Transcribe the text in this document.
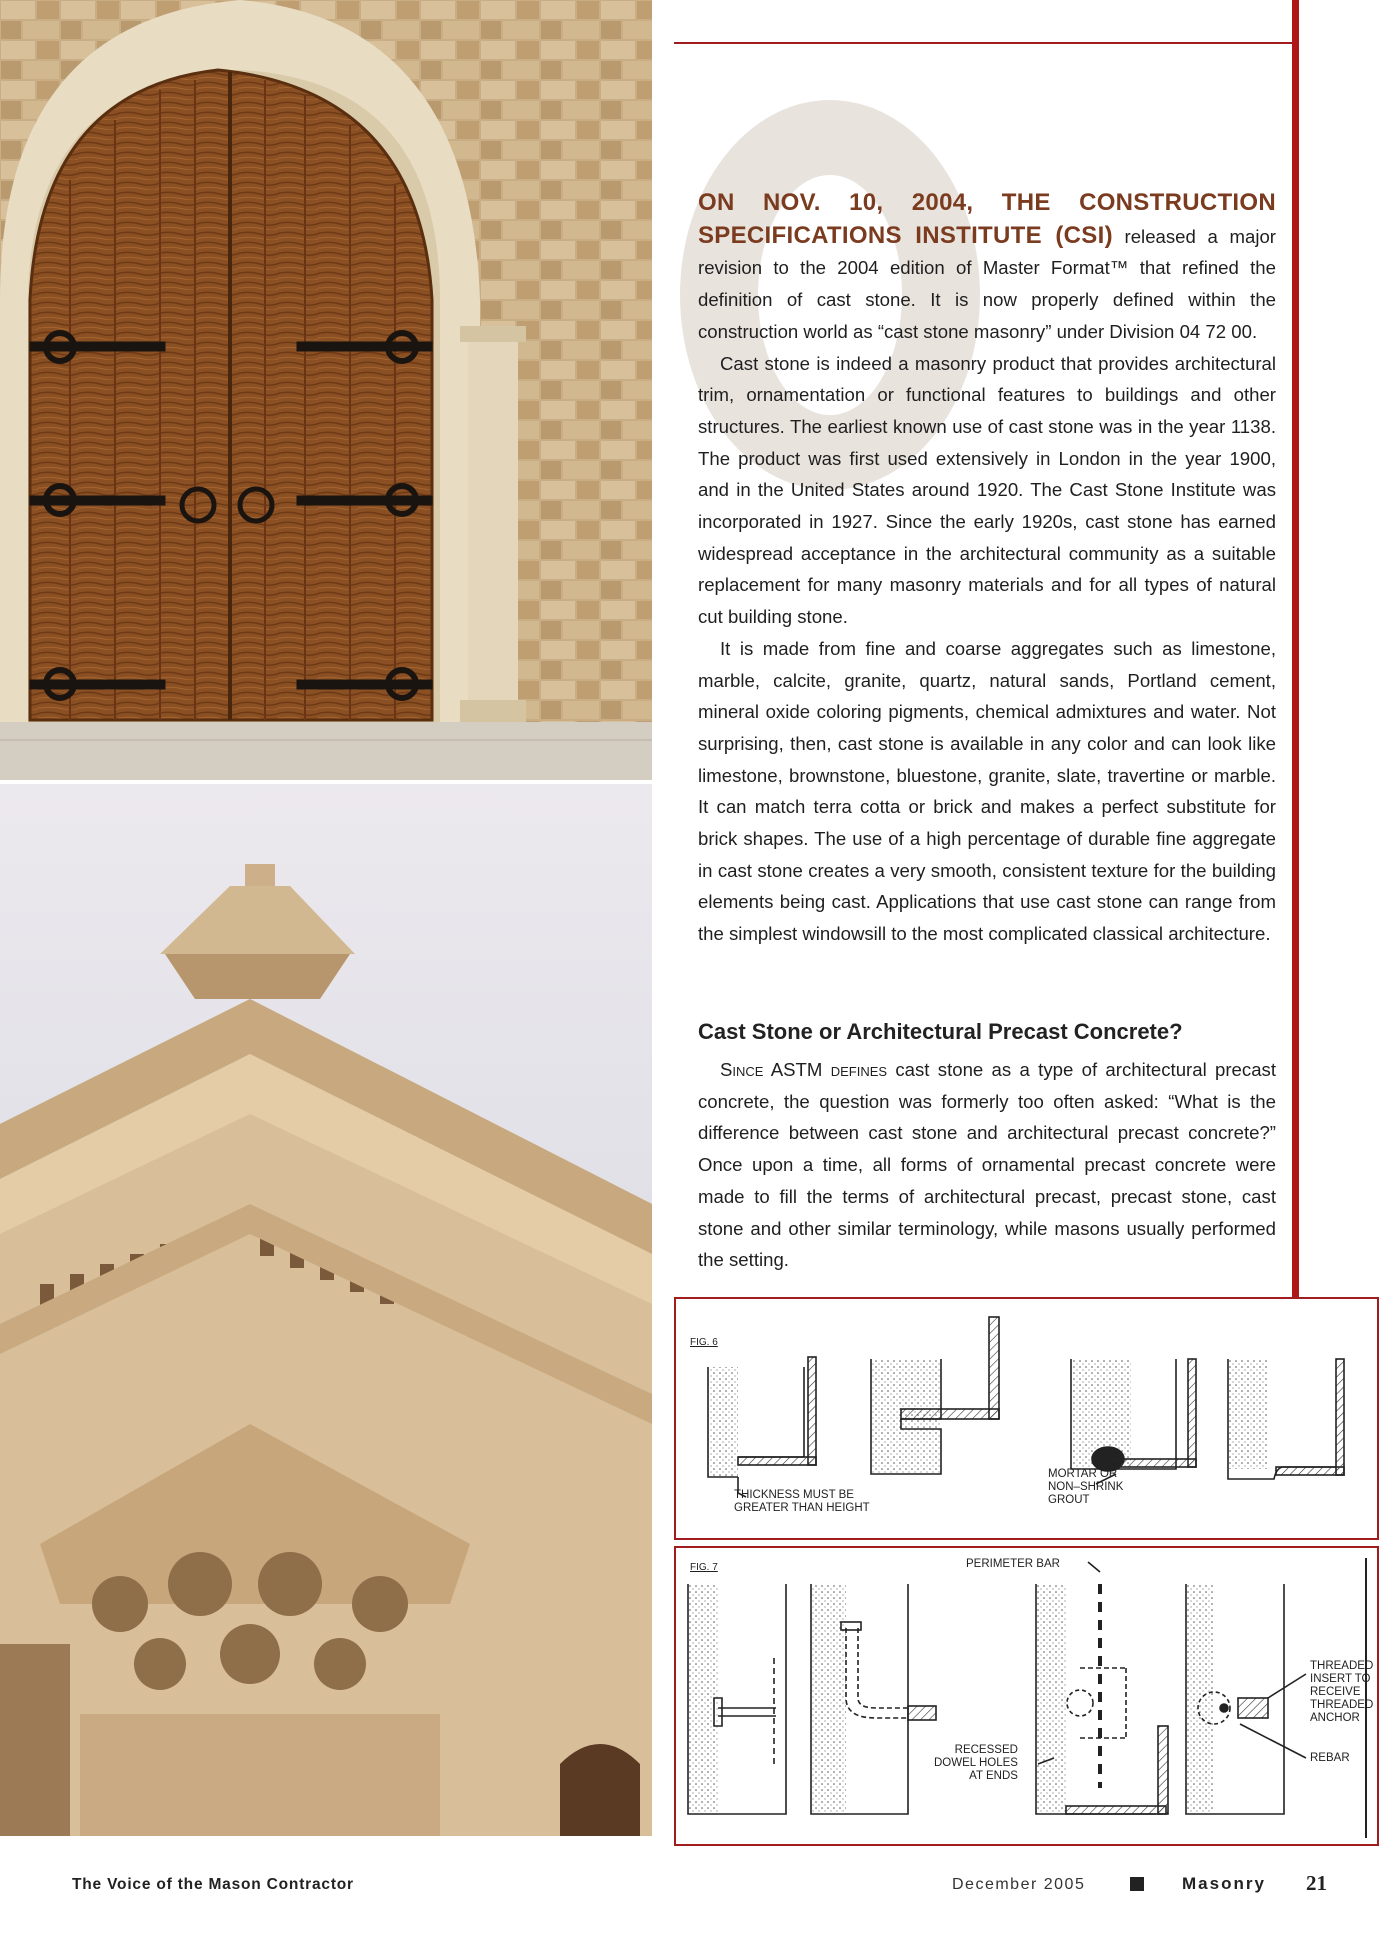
ON NOV. 10, 2004, THE CONSTRUCTION SPECIFICATIONS INSTITUTE (CSI) released a major revision to the 2004 edition of Master Format™ that refined the definition of cast stone. It is now properly defined within the construction world as “cast stone masonry” under Division 04 72 00.

Cast stone is indeed a masonry product that provides architectural trim, ornamentation or functional features to buildings and other structures. The earliest known use of cast stone was in the year 1138. The product was first used extensively in London in the year 1900, and in the United States around 1920. The Cast Stone Institute was incorporated in 1927. Since the early 1920s, cast stone has earned widespread acceptance in the architectural community as a suitable replacement for many masonry materials and for all types of natural cut building stone.

It is made from fine and coarse aggregates such as limestone, marble, calcite, granite, quartz, natural sands, Portland cement, mineral oxide coloring pigments, chemical admixtures and water. Not surprising, then, cast stone is available in any color and can look like limestone, brownstone, bluestone, granite, slate, travertine or marble. It can match terra cotta or brick and makes a perfect substitute for brick shapes. The use of a high percentage of durable fine aggregate in cast stone creates a very smooth, consistent texture for the building elements being cast. Applications that use cast stone can range from the simplest windowsill to the most complicated classical architecture.

Cast Stone or Architectural Precast Concrete?

Since ASTM defines cast stone as a type of architectural precast concrete, the question was formerly too often asked: “What is the difference between cast stone and architectural precast concrete?” Once upon a time, all forms of ornamental precast concrete were made to fill the terms of architectural precast, precast stone, cast stone and other similar terminology, while masons usually performed the setting.

FIG. 6
THICKNESS MUST BE
GREATER THAN HEIGHT
MORTAR OR
NON–SHRINK
GROUT
FIG. 7	PERIMETER BAR
RECESSED
DOWEL HOLES
AT ENDS
THREADED
INSERT TO
RECEIVE
THREADED
ANCHOR
REBAR
The Voice of the Mason Contractor	December 2005	Masonry 21
